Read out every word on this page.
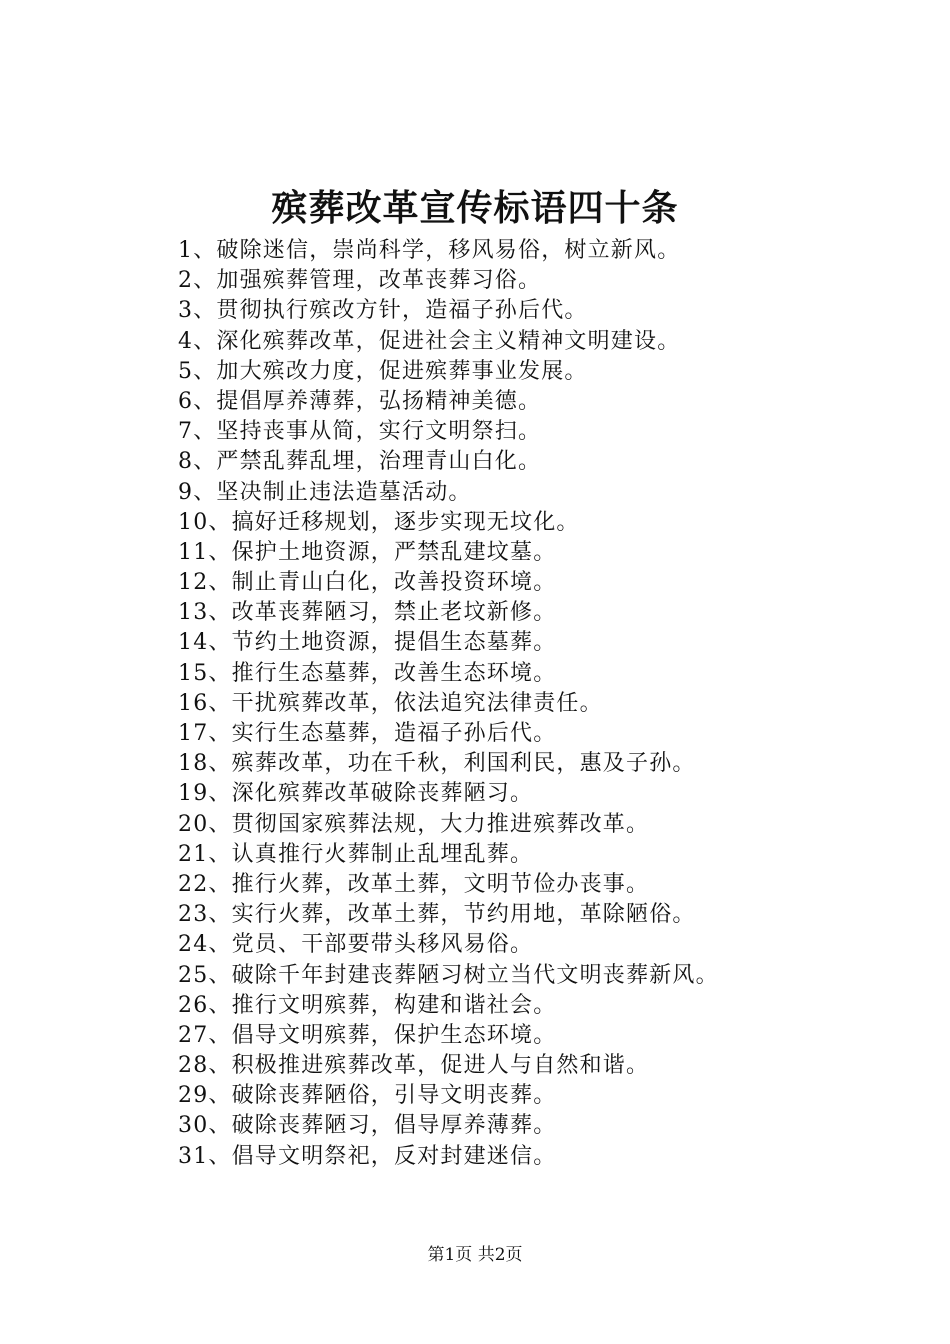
殡葬改革宣传标语四十条
1、破除迷信，崇尚科学，移风易俗，树立新风。
2、加强殡葬管理，改革丧葬习俗。
3、贯彻执行殡改方针，造福子孙后代。
4、深化殡葬改革，促进社会主义精神文明建设。
5、加大殡改力度，促进殡葬事业发展。
6、提倡厚养薄葬，弘扬精神美德。
7、坚持丧事从简，实行文明祭扫。
8、严禁乱葬乱埋，治理青山白化。
9、坚决制止违法造墓活动。
10、搞好迁移规划，逐步实现无坟化。
11、保护土地资源，严禁乱建坟墓。
12、制止青山白化，改善投资环境。
13、改革丧葬陋习，禁止老坟新修。
14、节约土地资源，提倡生态墓葬。
15、推行生态墓葬，改善生态环境。
16、干扰殡葬改革，依法追究法律责任。
17、实行生态墓葬，造福子孙后代。
18、殡葬改革，功在千秋，利国利民，惠及子孙。
19、深化殡葬改革破除丧葬陋习。
20、贯彻国家殡葬法规，大力推进殡葬改革。
21、认真推行火葬制止乱埋乱葬。
22、推行火葬，改革土葬，文明节俭办丧事。
23、实行火葬，改革土葬，节约用地，革除陋俗。
24、党员、干部要带头移风易俗。
25、破除千年封建丧葬陋习树立当代文明丧葬新风。
26、推行文明殡葬，构建和谐社会。
27、倡导文明殡葬，保护生态环境。
28、积极推进殡葬改革，促进人与自然和谐。
29、破除丧葬陋俗，引导文明丧葬。
30、破除丧葬陋习，倡导厚养薄葬。
31、倡导文明祭祀，反对封建迷信。
第1页 共2页
